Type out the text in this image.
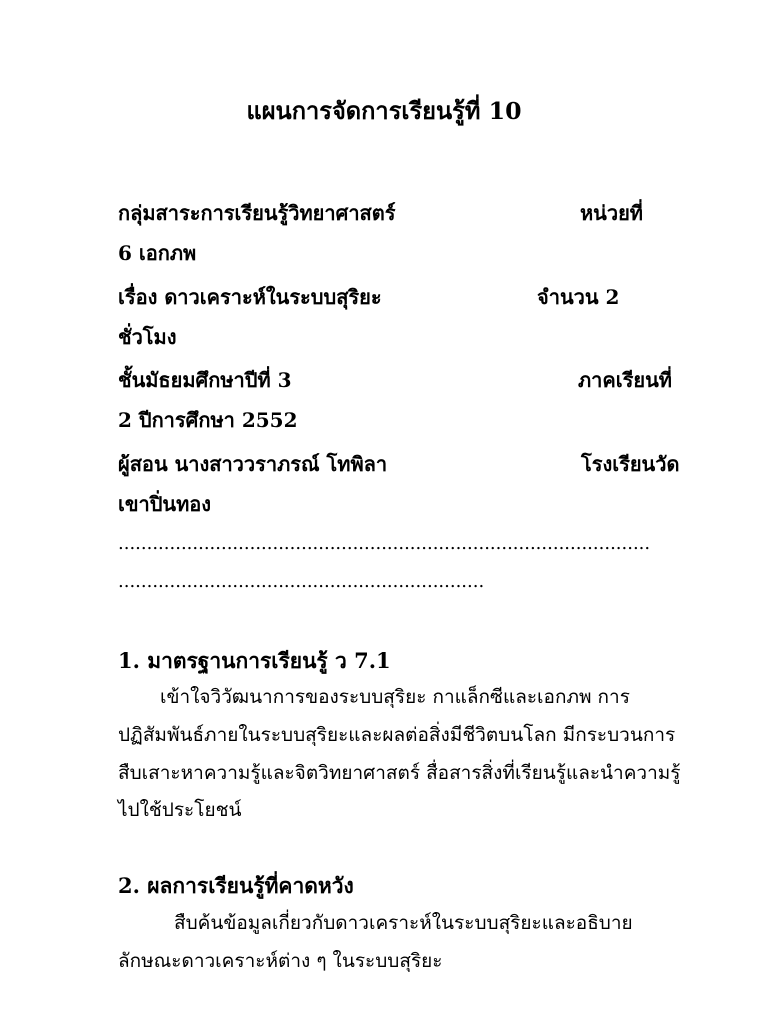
แผนการจัดการเรียนรู้ที่ 10
กลุ่มสาระการเรียนรู้วิทยาศาสตร์	หน่วยที่
6 เอกภพ
เรื่อง ดาวเคราะห์ในระบบสุริยะ	จำนวน 2
ชั่วโมง
ชั้นมัธยมศึกษาปีที่ 3	ภาคเรียนที่
2 ปีการศึกษา 2552
ผู้สอน นางสาววราภรณ์ โทพิลา	โรงเรียนวัด
เขาปิ่นทอง
.............................................................................................
................................................................
1. มาตรฐานการเรียนรู้ ว 7.1
เข้าใจวิวัฒนาการของระบบสุริยะ กาแล็กซีและเอกภพ การ
ปฏิสัมพันธ์ภายในระบบสุริยะและผลต่อสิ่งมีชีวิตบนโลก มีกระบวนการ
สืบเสาะหาความรู้และจิตวิทยาศาสตร์ สื่อสารสิ่งที่เรียนรู้และนำความรู้
ไปใช้ประโยชน์
2. ผลการเรียนรู้ที่คาดหวัง
สืบค้นข้อมูลเกี่ยวกับดาวเคราะห์ในระบบสุริยะและอธิบาย
ลักษณะดาวเคราะห์ต่าง ๆ ในระบบสุริยะ
